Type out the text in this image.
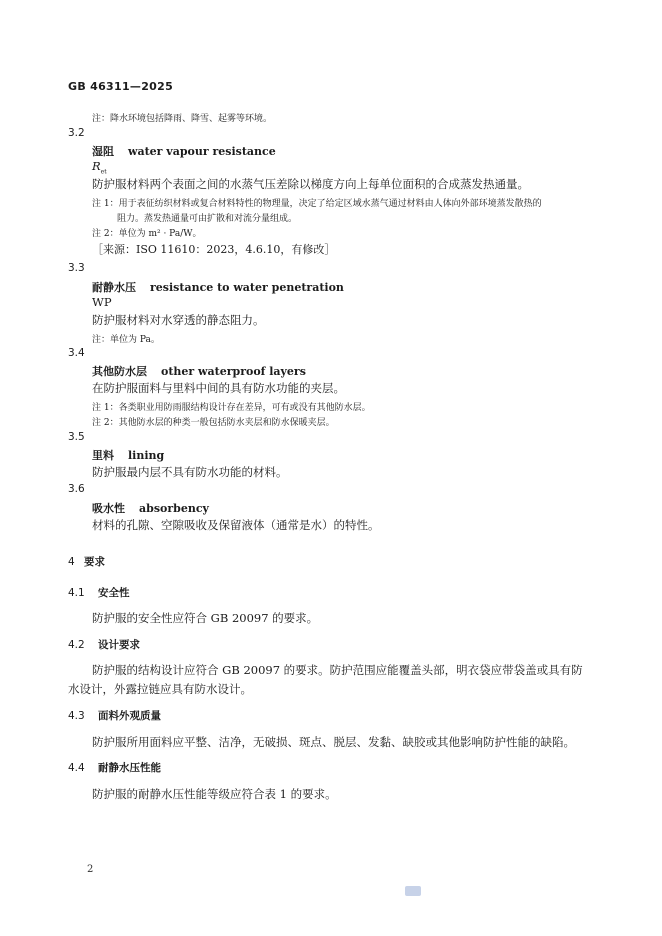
GB 46311—2025
注：降水环境包括降雨、降雪、起雾等环境。
3.2
湿阻 water vapour resistance
$R_{et}$
防护服材料两个表面之间的水蒸气压差除以梯度方向上每单位面积的合成蒸发热通量。
注 1：用于表征纺织材料或复合材料特性的物理量，决定了给定区域水蒸气通过材料由人体向外部环境蒸发散热的
阻力。蒸发热通量可由扩散和对流分量组成。
注 2：单位为 m² · Pa/W。
［来源：ISO 11610：2023，4.6.10，有修改］
3.3
耐静水压 resistance to water penetration
WP
防护服材料对水穿透的静态阻力。
注：单位为 Pa。
3.4
其他防水层 other waterproof layers
在防护服面料与里料中间的具有防水功能的夹层。
注 1：各类职业用防雨服结构设计存在差异，可有或没有其他防水层。
注 2：其他防水层的种类一般包括防水夹层和防水保暖夹层。
3.5
里料 lining
防护服最内层不具有防水功能的材料。
3.6
吸水性 absorbency
材料的孔隙、空隙吸收及保留液体（通常是水）的特性。
4 要求
4.1 安全性
防护服的安全性应符合 GB 20097 的要求。
4.2 设计要求
防护服的结构设计应符合 GB 20097 的要求。防护范围应能覆盖头部，明衣袋应带袋盖或具有防
水设计，外露拉链应具有防水设计。
4.3 面料外观质量
防护服所用面料应平整、洁净，无破损、斑点、脱层、发黏、缺胶或其他影响防护性能的缺陷。
4.4 耐静水压性能
防护服的耐静水压性能等级应符合表 1 的要求。
2
